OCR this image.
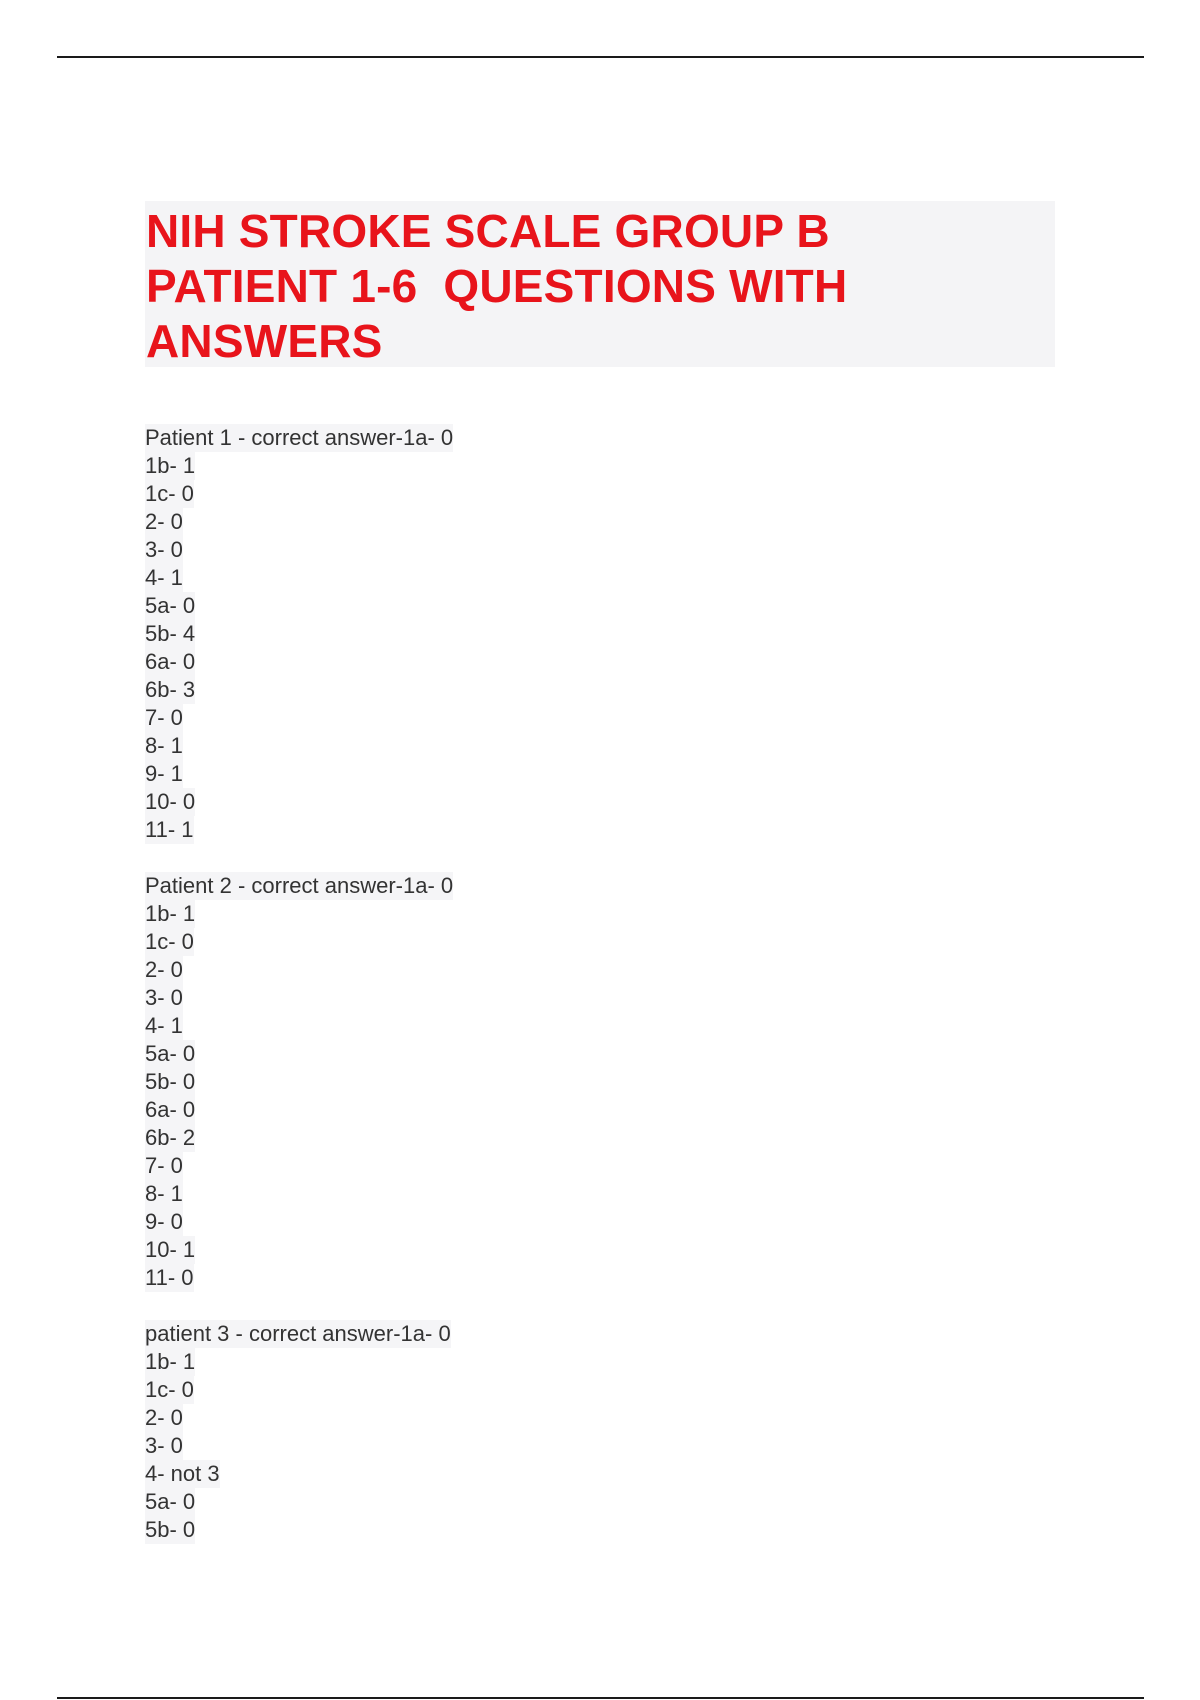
NIH STROKE SCALE GROUP B
PATIENT 1-6  QUESTIONS WITH
ANSWERS
Patient 1 - correct answer-1a- 0
1b- 1
1c- 0
2- 0
3- 0
4- 1
5a- 0
5b- 4
6a- 0
6b- 3
7- 0
8- 1
9- 1
10- 0
11- 1
Patient 2 - correct answer-1a- 0
1b- 1
1c- 0
2- 0
3- 0
4- 1
5a- 0
5b- 0
6a- 0
6b- 2
7- 0
8- 1
9- 0
10- 1
11- 0
patient 3 - correct answer-1a- 0
1b- 1
1c- 0
2- 0
3- 0
4- not 3
5a- 0
5b- 0
